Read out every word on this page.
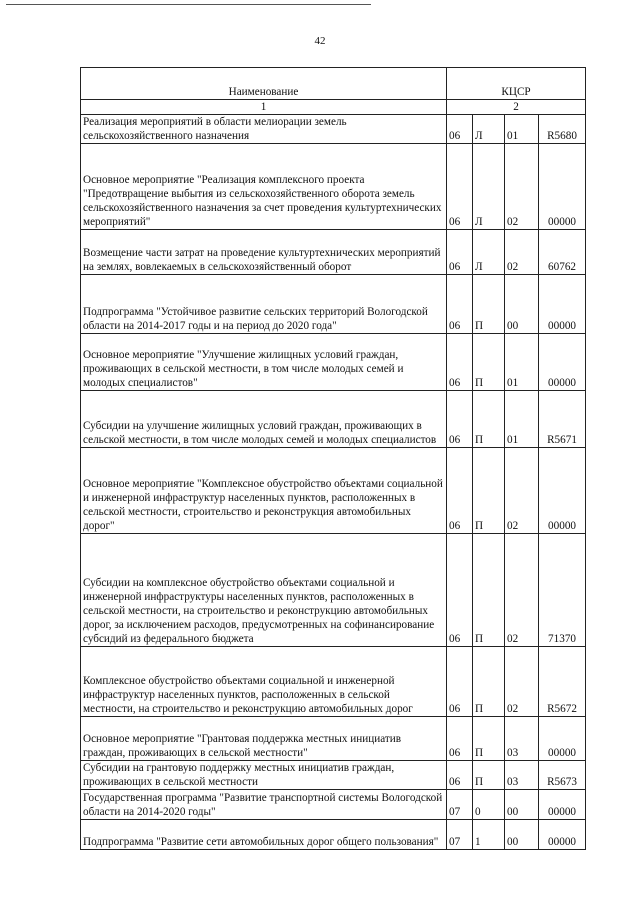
42
Наименование	КЦСР			
1	2			
Реализация мероприятий в области мелиорации земель сельскохозяйственного назначения	06	Л	01	R5680
Основное мероприятие "Реализация комплексного проекта "Предотвращение выбытия из сельскохозяйственного оборота земель сельскохозяйственного назначения за счет проведения культуртехнических мероприятий"	06	Л	02	00000
Возмещение части затрат на проведение культуртехнических мероприятий на землях, вовлекаемых в сельскохозяйственный оборот	06	Л	02	60762
Подпрограмма "Устойчивое развитие сельских территорий Вологодской области на 2014-2017 годы и на период до 2020 года"	06	П	00	00000
Основное мероприятие "Улучшение жилищных условий граждан, проживающих в сельской местности, в том числе молодых семей и молодых специалистов"	06	П	01	00000
Субсидии на улучшение жилищных условий граждан, проживающих в сельской местности, в том числе молодых семей и молодых специалистов	06	П	01	R5671
Основное мероприятие "Комплексное обустройство объектами социальной и инженерной инфраструктур населенных пунктов, расположенных в сельской местности, строительство и реконструкция автомобильных дорог"	06	П	02	00000
Субсидии на комплексное обустройство объектами социальной и инженерной инфраструктуры населенных пунктов, расположенных в сельской местности, на строительство и реконструкцию автомобильных дорог, за исключением расходов, предусмотренных на софинансирование субсидий из федерального бюджета	06	П	02	71370
Комплексное обустройство объектами социальной и инженерной инфраструктур населенных пунктов, расположенных в сельской местности, на строительство и реконструкцию автомобильных дорог	06	П	02	R5672
Основное мероприятие "Грантовая поддержка местных инициатив граждан, проживающих в сельской местности"	06	П	03	00000
Субсидии на грантовую поддержку местных инициатив граждан, проживающих в сельской местности	06	П	03	R5673
Государственная программа "Развитие транспортной системы Вологодской области на 2014-2020 годы"	07	0	00	00000
Подпрограмма "Развитие сети автомобильных дорог общего пользования"	07	1	00	00000
